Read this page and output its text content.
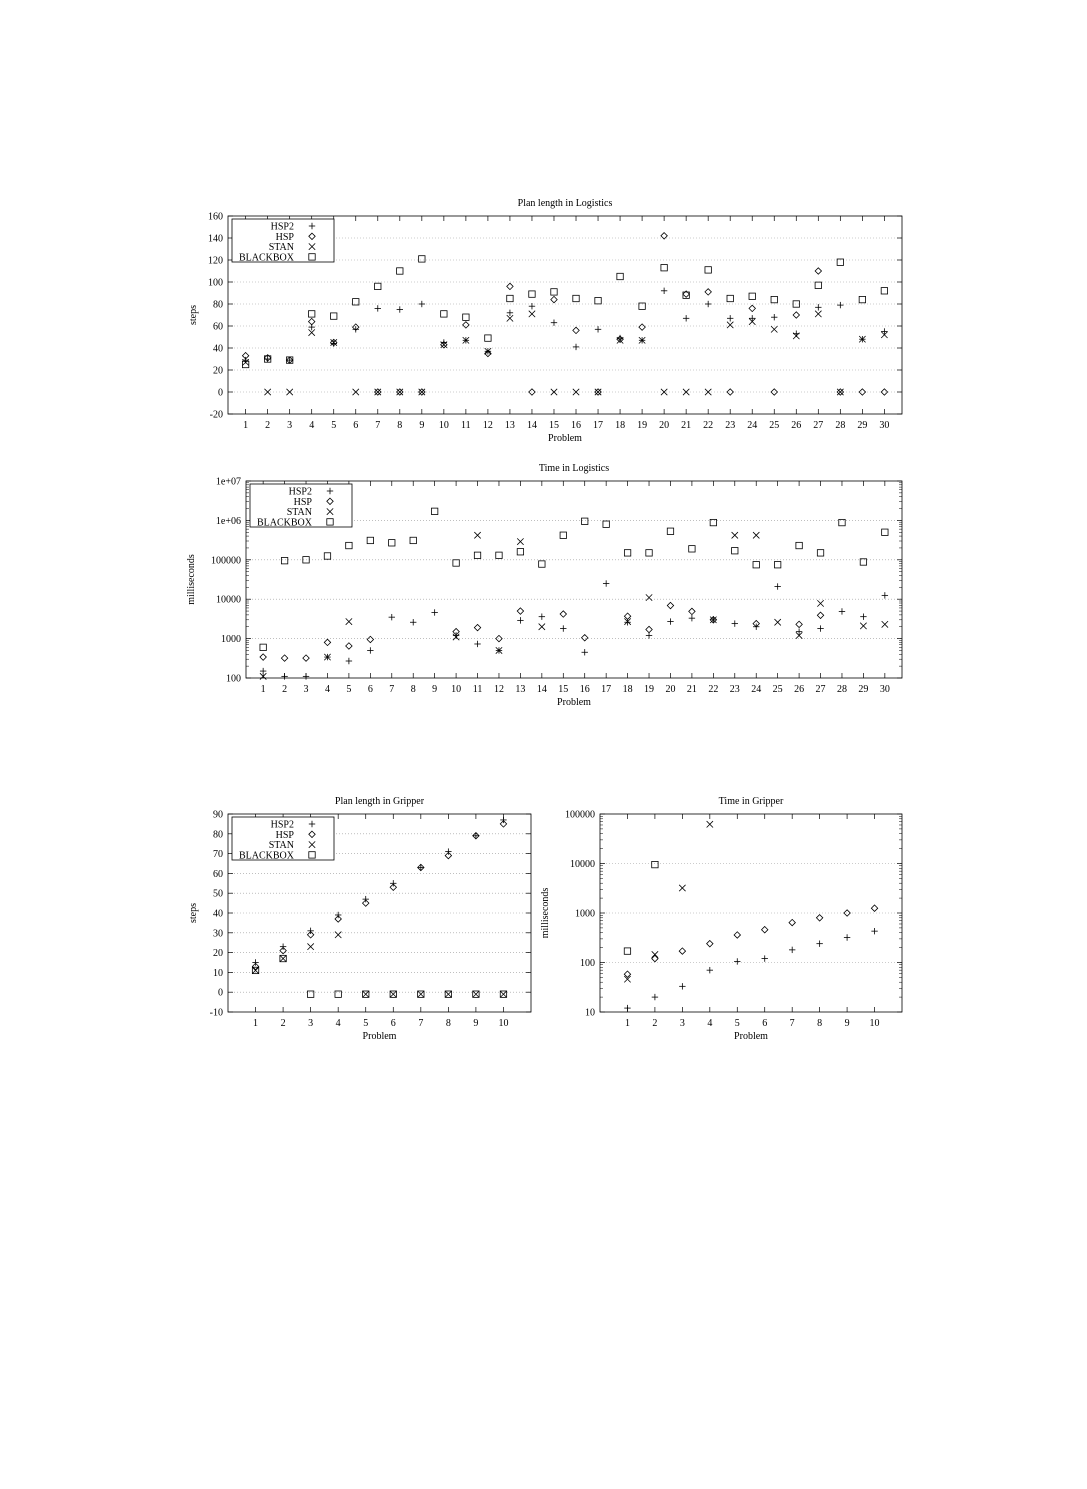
Plan length in Logistics
-20
0
20
40
60
80
100
120
140
160
1 2 3 4 5 6 7 8 9 10 11 12 13 14 15 16 17 18 19 20 21 22 23 24 25 26 27 28 29 30
Problem
steps
HSP2
HSP
STAN
BLACKBOX
Time in Logistics
100
1000
10000
100000
1e+06
1e+07
1 2 3 4 5 6 7 8 9 10 11 12 13 14 15 16 17 18 19 20 21 22 23 24 25 26 27 28 29 30
Problem
milliseconds
HSP2
HSP
STAN
BLACKBOX
Plan length in Gripper
-10
0
10
20
30
40
50
60
70
80
90
1 2 3 4 5 6 7 8 9 10
Problem
steps
HSP2
HSP
STAN
BLACKBOX
Time in Gripper
10
100
1000
10000
100000
1 2 3 4 5 6 7 8 9 10
Problem
milliseconds
